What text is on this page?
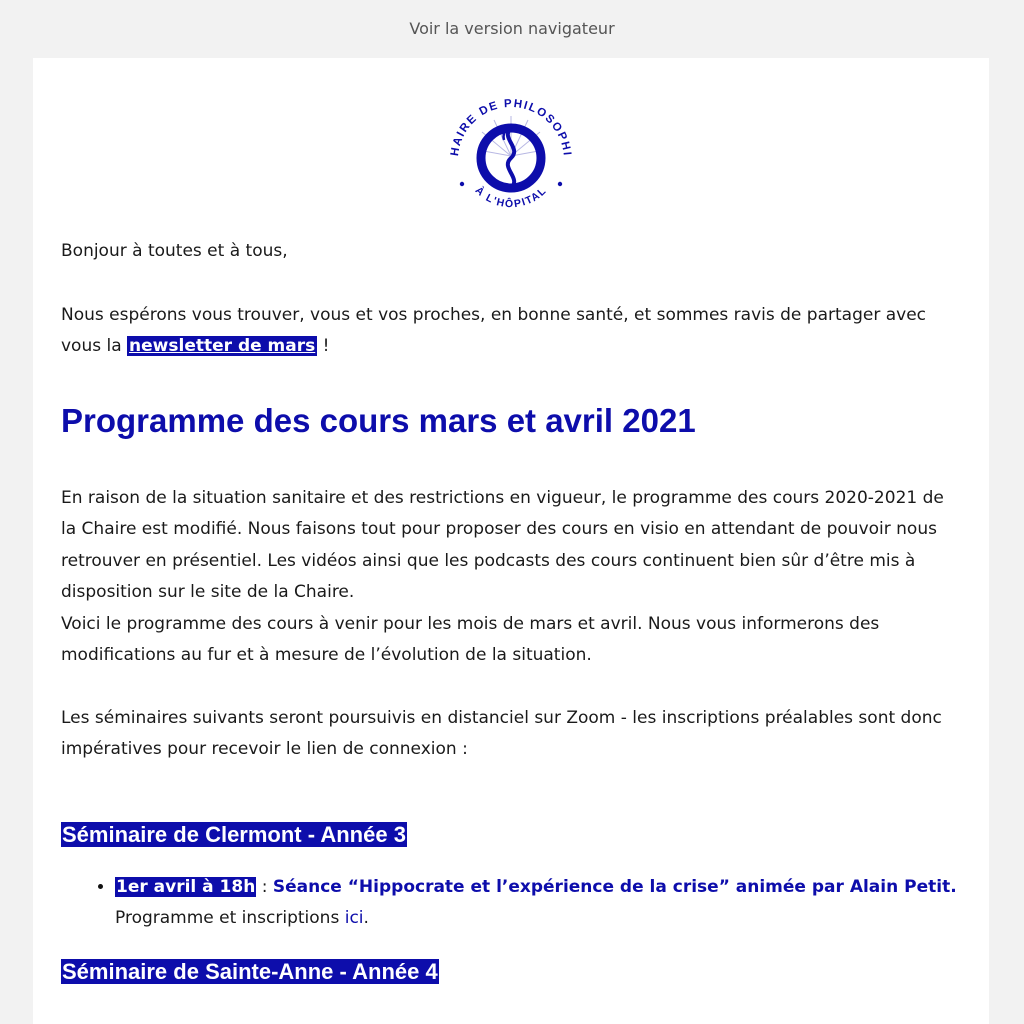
Voir la version navigateur
HAIRE DE PHILOSOPHI
À L'HÔPITAL

Bonjour à toutes et à tous,

Nous espérons vous trouver, vous et vos proches, en bonne santé, et sommes ravis de partager avec vous la newsletter de mars !

Programme des cours mars et avril 2021

En raison de la situation sanitaire et des restrictions en vigueur, le programme des cours 2020-2021 de la Chaire est modifié. Nous faisons tout pour proposer des cours en visio en attendant de pouvoir nous retrouver en présentiel. Les vidéos ainsi que les podcasts des cours continuent bien sûr d’être mis à disposition sur le site de la Chaire.

Voici le programme des cours à venir pour les mois de mars et avril. Nous vous informerons des modifications au fur et à mesure de l’évolution de la situation.

Les séminaires suivants seront poursuivis en distanciel sur Zoom - les inscriptions préalables sont donc impératives pour recevoir le lien de connexion :

Séminaire de Clermont - Année 3
• 1er avril à 18h : Séance “Hippocrate et l’expérience de la crise” animée par Alain Petit. Programme et inscriptions ici.
Séminaire de Sainte-Anne - Année 4
